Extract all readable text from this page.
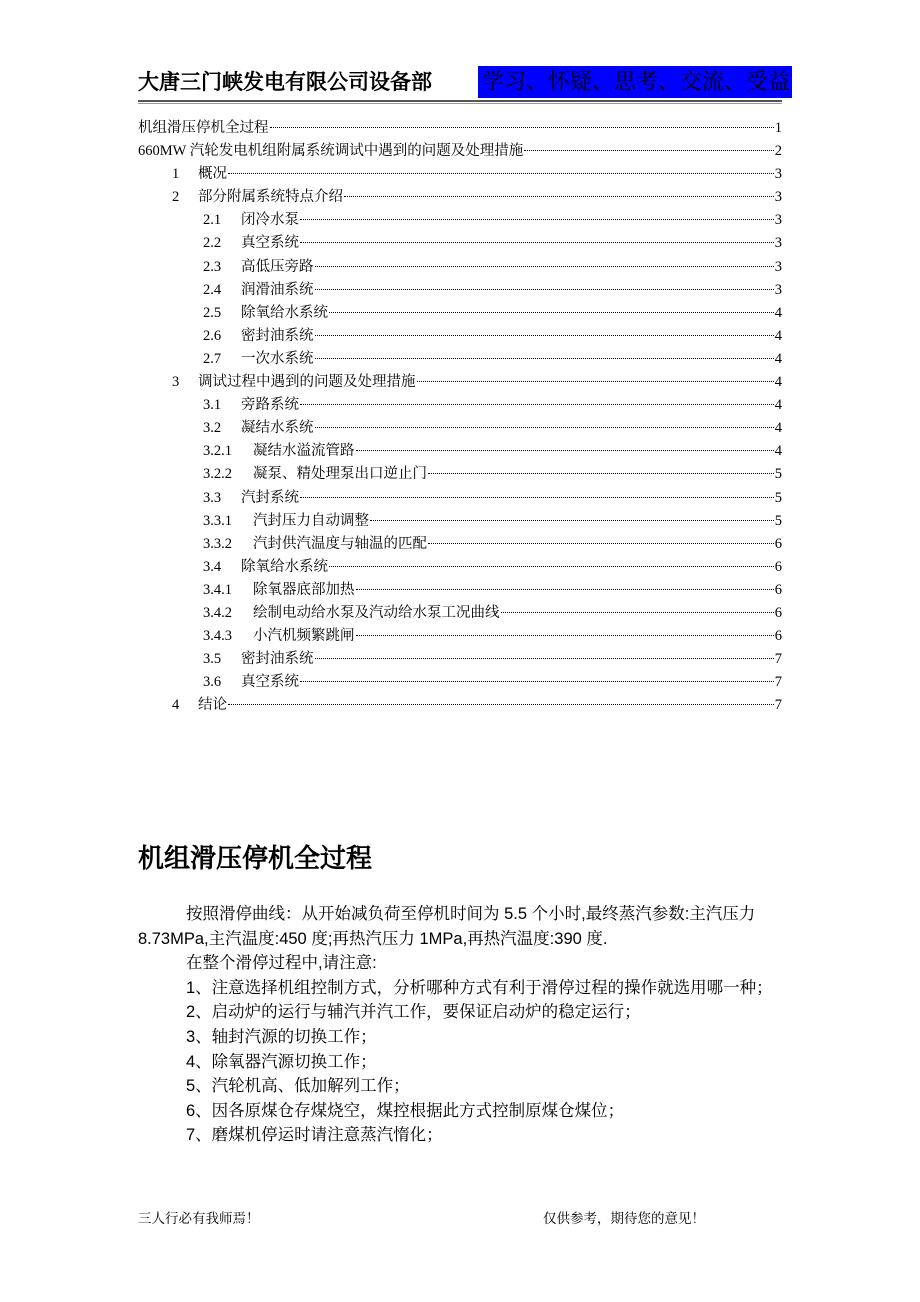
大唐三门峡发电有限公司设备部 学习、怀疑、思考、交流、受益
机组滑压停机全过程	1
660MW 汽轮发电机组附属系统调试中遇到的问题及处理措施	2
1	概况	3
2	部分附属系统特点介绍	3
2.1	闭冷水泵	3
2.2	真空系统	3
2.3	高低压旁路	3
2.4	润滑油系统	3
2.5	除氧给水系统	4
2.6	密封油系统	4
2.7	一次水系统	4
3	调试过程中遇到的问题及处理措施	4
3.1	旁路系统	4
3.2	凝结水系统	4
3.2.1	凝结水溢流管路	4
3.2.2	凝泵、精处理泵出口逆止门	5
3.3	汽封系统	5
3.3.1	汽封压力自动调整	5
3.3.2	汽封供汽温度与轴温的匹配	6
3.4	除氧给水系统	6
3.4.1	除氧器底部加热	6
3.4.2	绘制电动给水泵及汽动给水泵工况曲线	6
3.4.3	小汽机频繁跳闸	6
3.5	密封油系统	7
3.6	真空系统	7
4	结论	7
机组滑压停机全过程

按照滑停曲线：从开始减负荷至停机时间为 5.5 个小时,最终蒸汽参数:主汽压力 8.73MPa,主汽温度:450 度;再热汽压力 1MPa,再热汽温度:390 度.

在整个滑停过程中,请注意:

1、注意选择机组控制方式，分析哪种方式有利于滑停过程的操作就选用哪一种；

2、启动炉的运行与辅汽并汽工作，要保证启动炉的稳定运行；

3、轴封汽源的切换工作；

4、除氧器汽源切换工作；

5、汽轮机高、低加解列工作；

6、因各原煤仓存煤烧空，煤控根据此方式控制原煤仓煤位；

7、磨煤机停运时请注意蒸汽惰化；

三人行必有我师焉！	仅供参考，期待您的意见！
